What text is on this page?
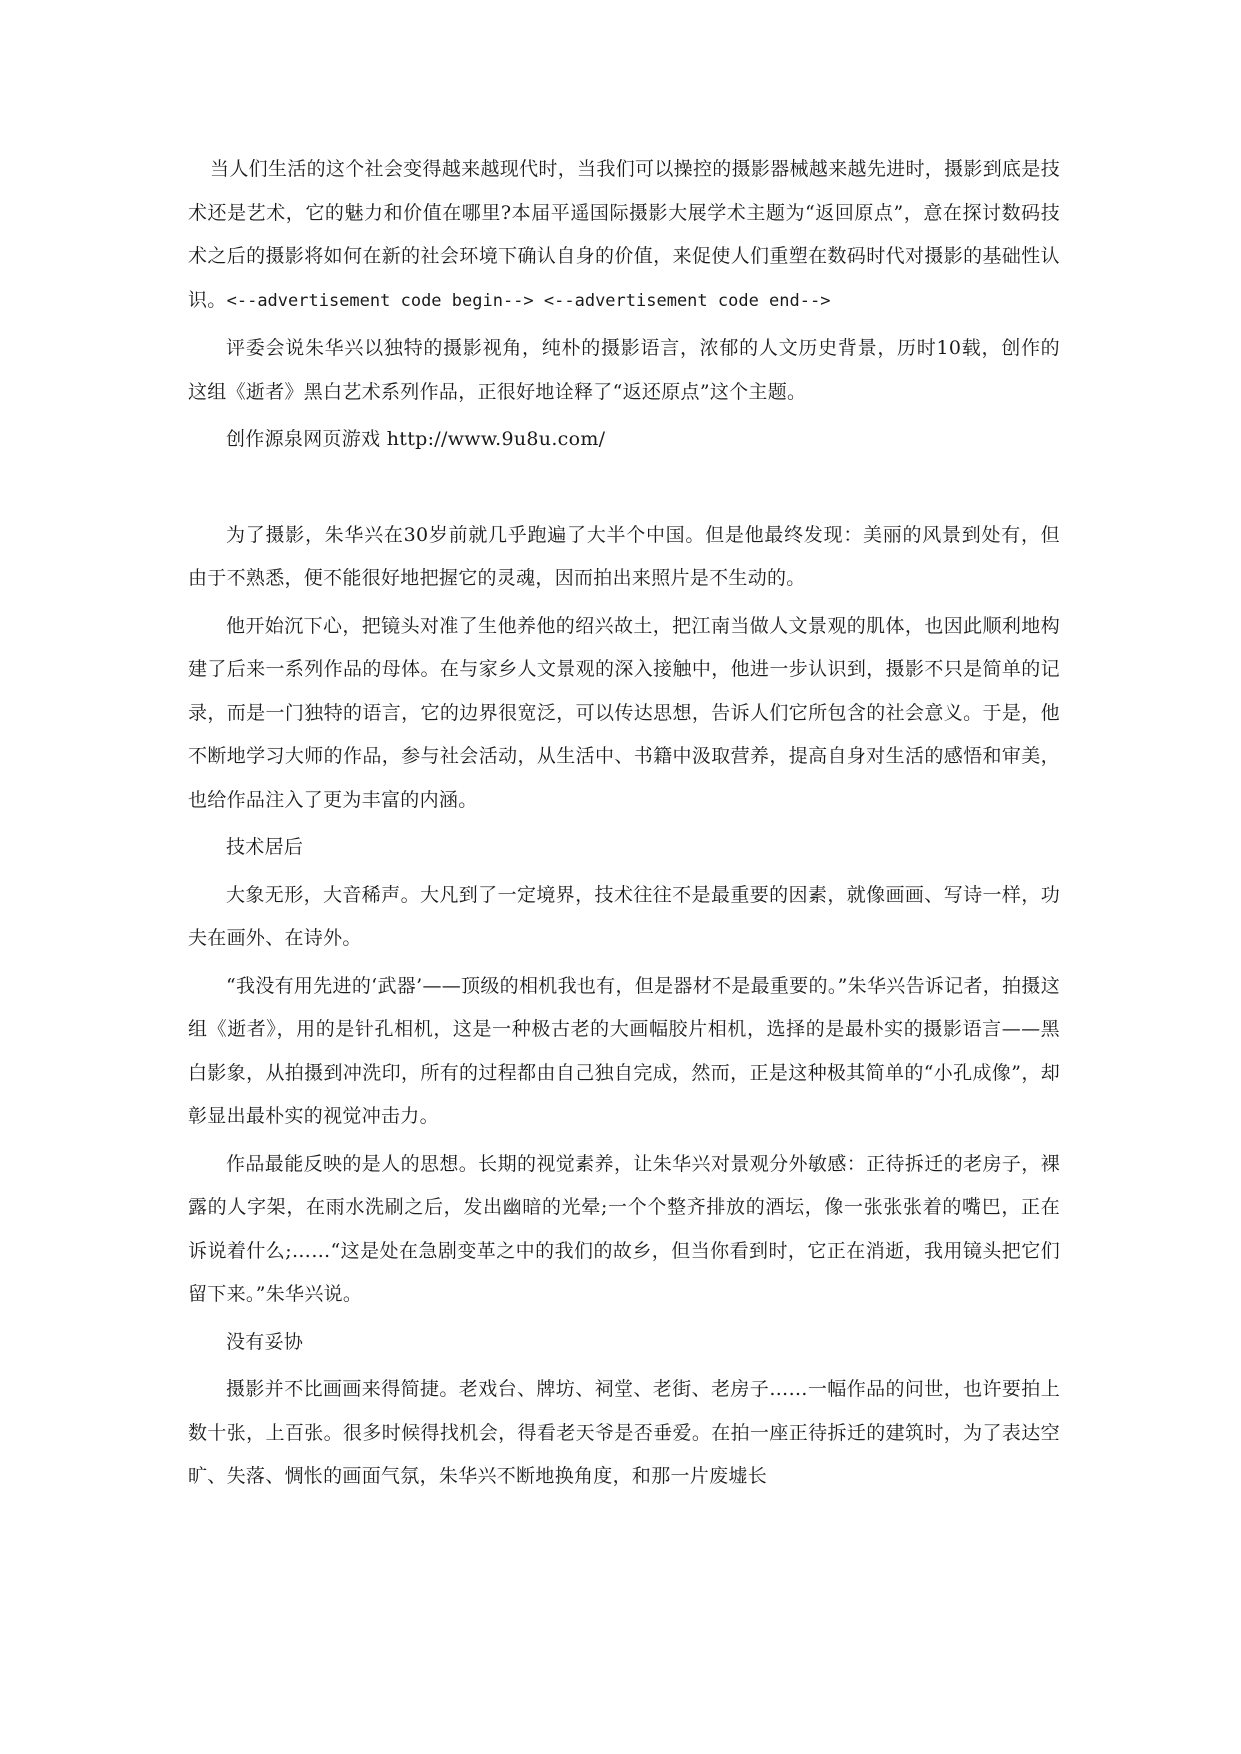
当人们生活的这个社会变得越来越现代时，当我们可以操控的摄影器械越来越先进时，摄影到底是技术还是艺术，它的魅力和价值在哪里?本届平遥国际摄影大展学术主题为“返回原点”，意在探讨数码技术之后的摄影将如何在新的社会环境下确认自身的价值，来促使人们重塑在数码时代对摄影的基础性认识。<--advertisement code begin--> <--advertisement code end-->

评委会说朱华兴以独特的摄影视角，纯朴的摄影语言，浓郁的人文历史背景，历时10载，创作的这组《逝者》黑白艺术系列作品，正很好地诠释了“返还原点”这个主题。

创作源泉网页游戏 http://www.9u8u.com/

为了摄影，朱华兴在30岁前就几乎跑遍了大半个中国。但是他最终发现：美丽的风景到处有，但由于不熟悉，便不能很好地把握它的灵魂，因而拍出来照片是不生动的。

他开始沉下心，把镜头对准了生他养他的绍兴故土，把江南当做人文景观的肌体，也因此顺利地构建了后来一系列作品的母体。在与家乡人文景观的深入接触中，他进一步认识到，摄影不只是简单的记录，而是一门独特的语言，它的边界很宽泛，可以传达思想，告诉人们它所包含的社会意义。于是，他不断地学习大师的作品，参与社会活动，从生活中、书籍中汲取营养，提高自身对生活的感悟和审美，也给作品注入了更为丰富的内涵。

技术居后

大象无形，大音稀声。大凡到了一定境界，技术往往不是最重要的因素，就像画画、写诗一样，功夫在画外、在诗外。

“我没有用先进的‘武器’——顶级的相机我也有，但是器材不是最重要的。”朱华兴告诉记者，拍摄这组《逝者》，用的是针孔相机，这是一种极古老的大画幅胶片相机，选择的是最朴实的摄影语言——黑白影象，从拍摄到冲洗印，所有的过程都由自己独自完成，然而，正是这种极其简单的“小孔成像”，却彰显出最朴实的视觉冲击力。

作品最能反映的是人的思想。长期的视觉素养，让朱华兴对景观分外敏感：正待拆迁的老房子，裸露的人字架，在雨水洗刷之后，发出幽暗的光晕;一个个整齐排放的酒坛，像一张张张着的嘴巴，正在诉说着什么;……“这是处在急剧变革之中的我们的故乡，但当你看到时，它正在消逝，我用镜头把它们留下来。”朱华兴说。

没有妥协

摄影并不比画画来得简捷。老戏台、牌坊、祠堂、老街、老房子……一幅作品的问世，也许要拍上数十张，上百张。很多时候得找机会，得看老天爷是否垂爱。在拍一座正待拆迁的建筑时，为了表达空旷、失落、惆怅的画面气氛，朱华兴不断地换角度，和那一片废墟长
